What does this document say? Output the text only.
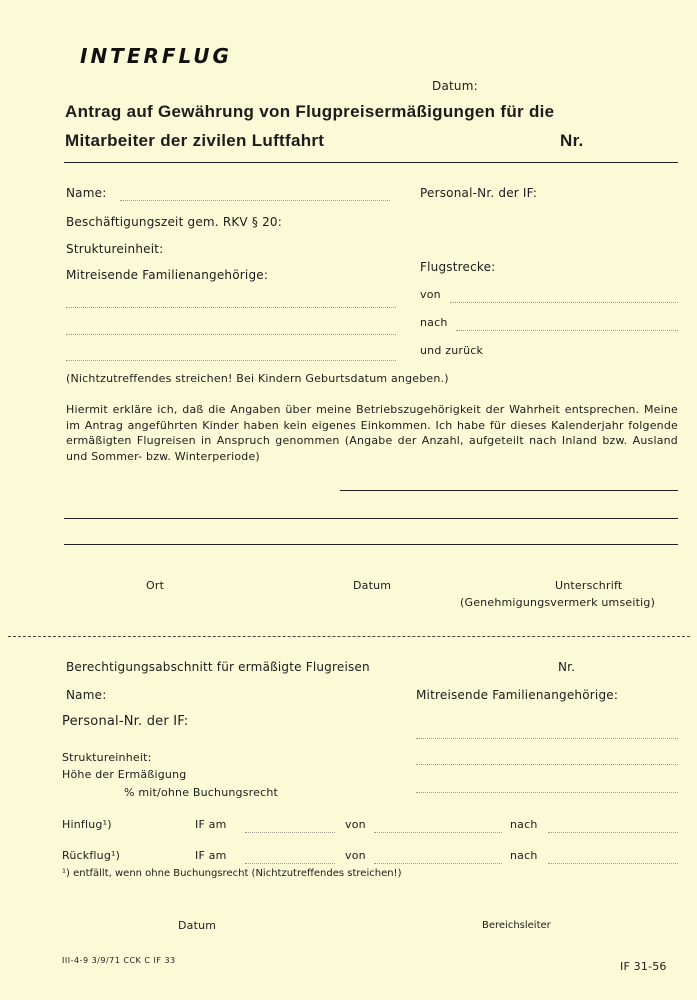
INTERFLUG
Datum:
Antrag auf Gewährung von Flugpreisermäßigungen für die
Mitarbeiter der zivilen Luftfahrt	Nr.
Name:	Personal-Nr. der IF:
Beschäftigungszeit gem. RKV § 20:
Struktureinheit:
Mitreisende Familienangehörige:
Flugstrecke:
von
nach
und zurück
(Nichtzutreffendes streichen! Bei Kindern Geburtsdatum angeben.)
Hiermit erkläre ich, daß die Angaben über meine Betriebszugehörigkeit der Wahrheit entsprechen. Meine im Antrag angeführten Kinder haben kein eigenes Einkommen. Ich habe für dieses Kalenderjahr folgende ermäßigten Flugreisen in Anspruch genommen (Angabe der Anzahl, aufgeteilt nach Inland bzw. Ausland und Sommer- bzw. Winterperiode)
Ort	Datum	Unterschrift
(Genehmigungsvermerk umseitig)
Berechtigungsabschnitt für ermäßigte Flugreisen	Nr.
Name:	Mitreisende Familienangehörige:
Personal-Nr. der IF:
Struktureinheit:
Höhe der Ermäßigung
% mit/ohne Buchungsrecht
Hinflug¹)	IF am	von	nach
Rückflug¹)	IF am	von	nach
¹) entfällt, wenn ohne Buchungsrecht (Nichtzutreffendes streichen!)
Datum	Bereichsleiter
III-4-9 3/9/71 CCK C IF 33	IF 31-56
